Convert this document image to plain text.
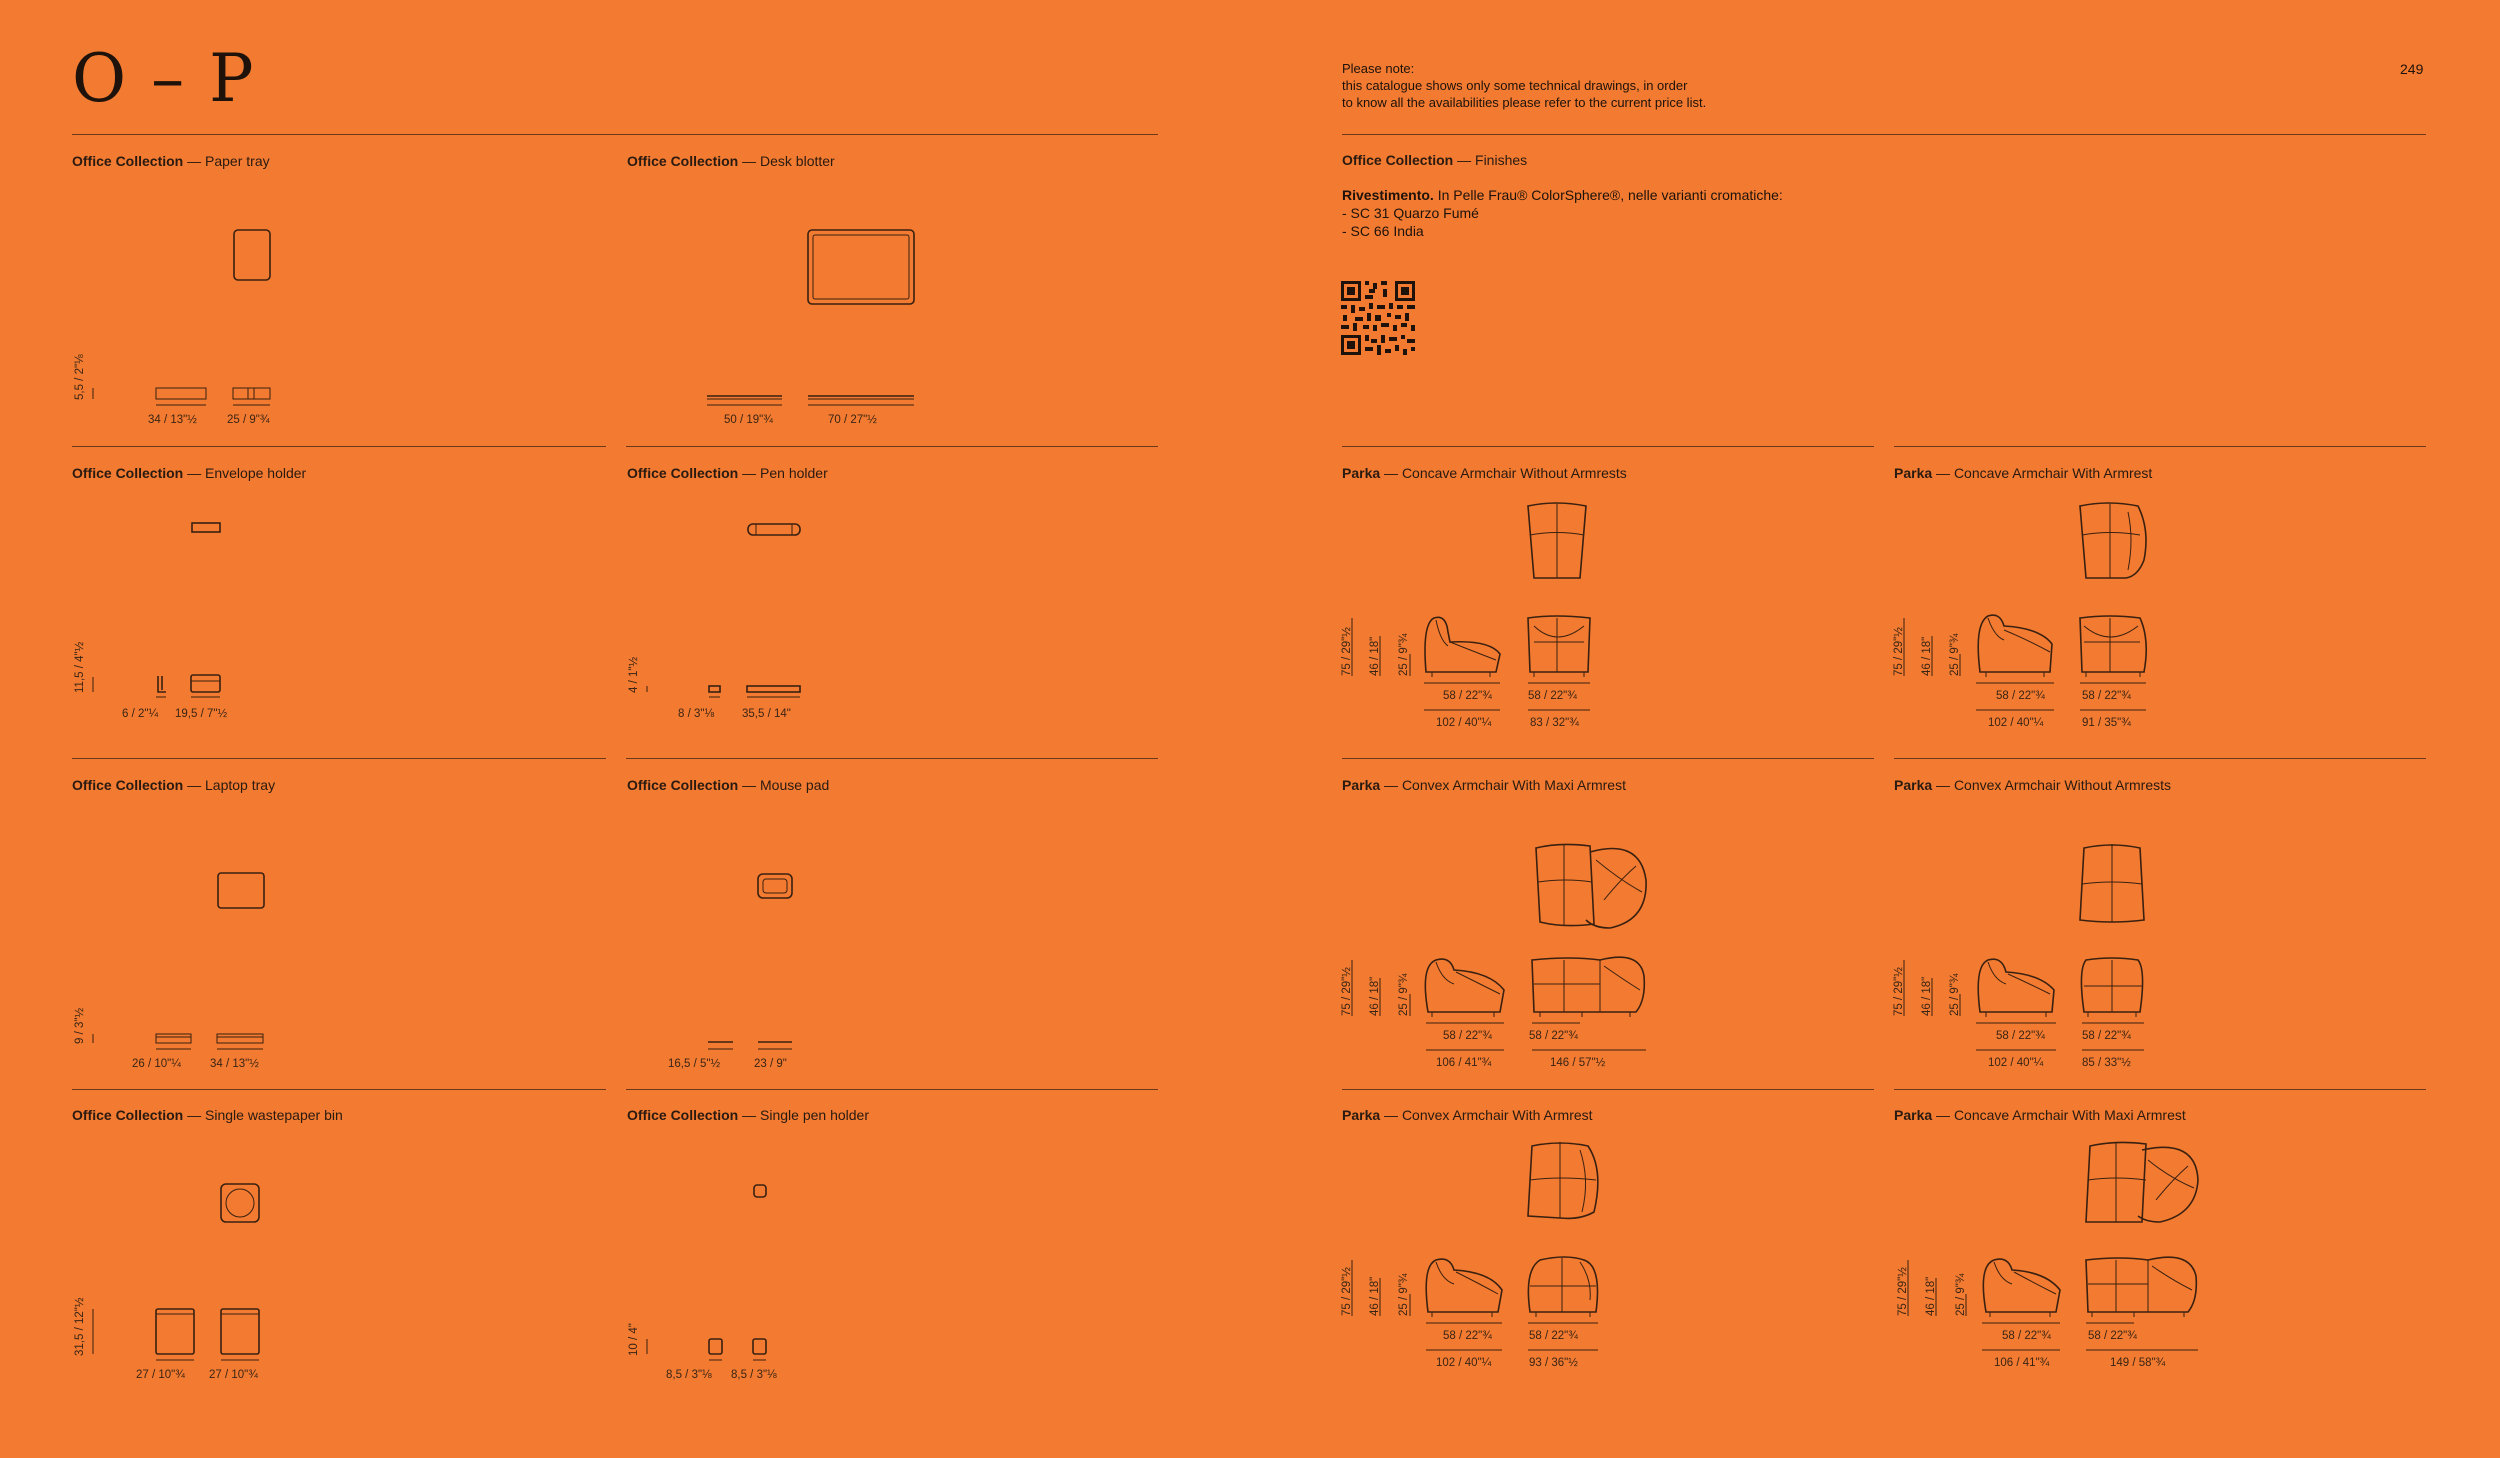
O – P	Please note:
this catalogue shows only some technical drawings, in order
to know all the availabilities please refer to the current price list.
249
Office Collection — Paper tray
5,5 / 2"⅛
34 / 13"½	25 / 9"¾
Office Collection — Desk blotter
50 / 19"¾	70 / 27"½
Office Collection — Envelope holder
11,5 / 4"½
6 / 2"¼ 19,5 / 7"½
Office Collection — Pen holder
4 / 1"½
8 / 3"⅛ 35,5 / 14"
Office Collection — Laptop tray
9 / 3"½
26 / 10"¼	34 / 13"½
Office Collection — Mouse pad
16,5 / 5"½	23 / 9"
Office Collection — Single wastepaper bin
31,5 / 12"½
27 / 10"¾ 27 / 10"¾
Office Collection — Single pen holder
10 / 4"
8,5 / 3"⅛ 8,5 / 3"⅛
Office Collection — Finishes
Rivestimento. In Pelle Frau® ColorSphere®, nelle varianti cromatiche:
- SC 31 Quarzo Fumé
- SC 66 India
Parka — Concave Armchair Without Armrests
75 / 29"½ 46 / 18" 25 / 9"¾
58 / 22"¾	58 / 22"¾
102 / 40"¼	83 / 32"¾
Parka — Concave Armchair With Armrest
75 / 29"½ 46 / 18" 25 / 9"¾
58 / 22"¾	58 / 22"¾
102 / 40"¼	91 / 35"¾
Parka — Convex Armchair With Maxi Armrest
75 / 29"½ 46 / 18" 25 / 9"¾
58 / 22"¾	58 / 22"¾
106 / 41"¾	146 / 57"½
Parka — Convex Armchair Without Armrests
75 / 29"½ 46 / 18" 25 / 9"¾
58 / 22"¾	58 / 22"¾
102 / 40"¼	85 / 33"½
Parka — Convex Armchair With Armrest
75 / 29"½ 46 / 18" 25 / 9"¾
58 / 22"¾	58 / 22"¾
102 / 40"¼	93 / 36"½
Parka — Concave Armchair With Maxi Armrest
75 / 29"½ 46 / 18" 25 / 9"¾
58 / 22"¾	58 / 22"¾
106 / 41"¾	149 / 58"¾
